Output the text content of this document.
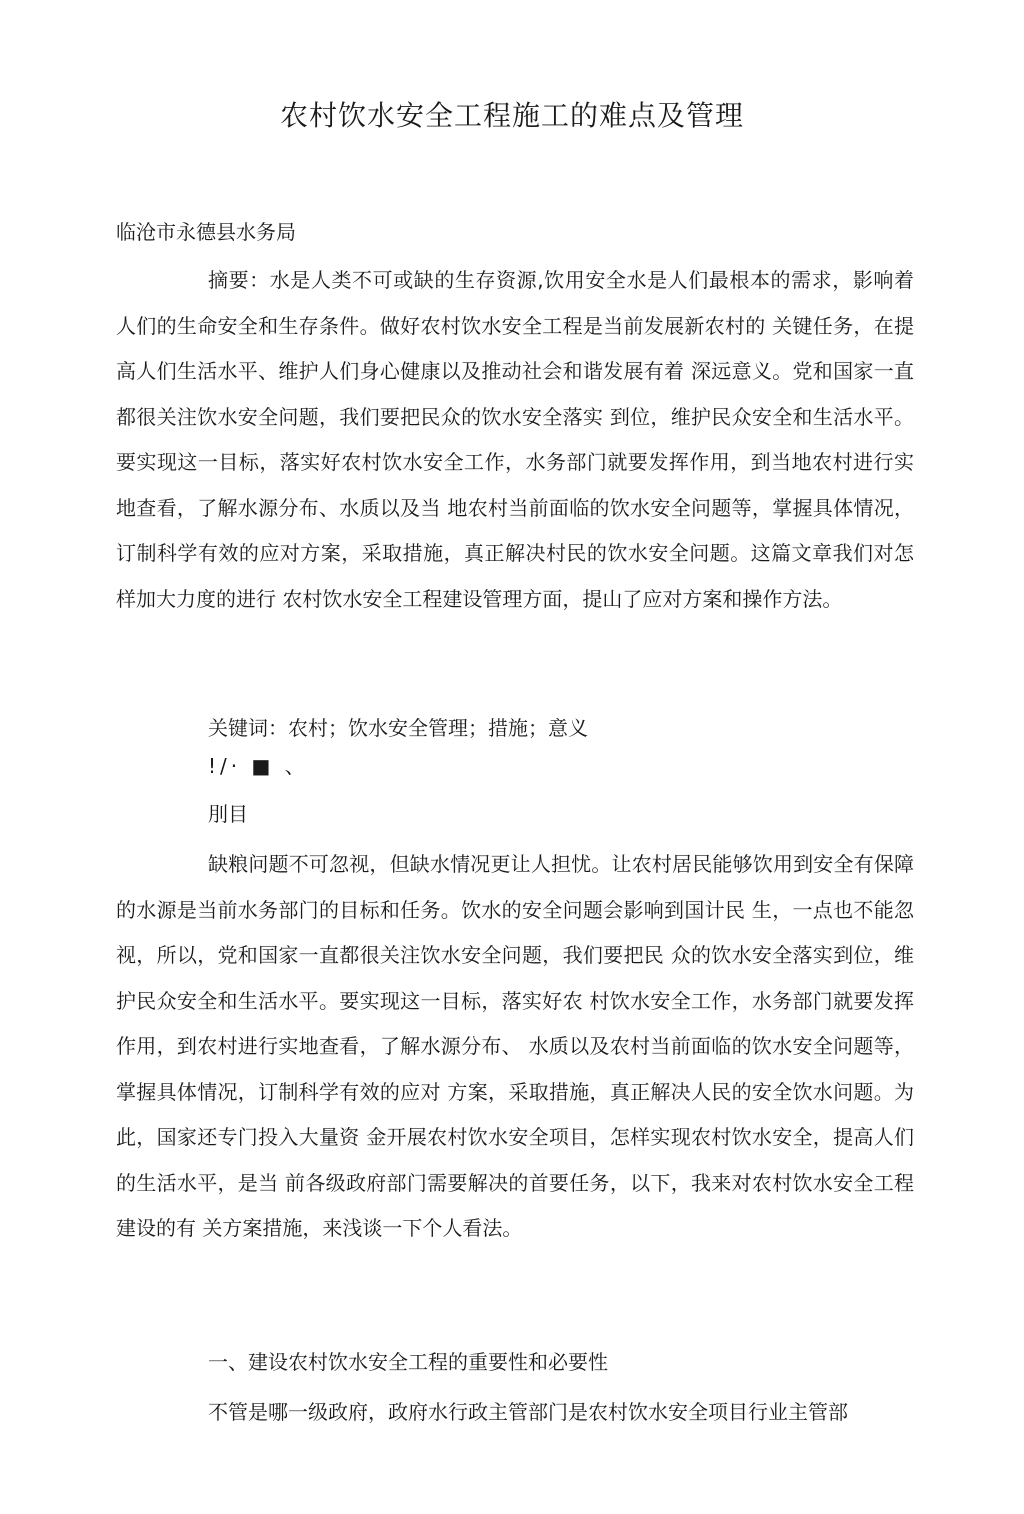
农村饮水安全工程施工的难点及管理
临沧市永德县水务局

摘要：水是人类不可或缺的生存资源,饮用安全水是人们最根本的需求，影响着人们的生命安全和生存条件。做好农村饮水安全工程是当前发展新农村的 关键任务，在提高人们生活水平、维护人们身心健康以及推动社会和谐发展有着 深远意义。党和国家一直都很关注饮水安全问题，我们要把民众的饮水安全落实 到位，维护民众安全和生活水平。要实现这一目标，落实好农村饮水安全工作，水务部门就要发挥作用，到当地农村进行实地查看，了解水源分布、水质以及当 地农村当前面临的饮水安全问题等，掌握具体情况，订制科学有效的应对方案，采取措施，真正解决村民的饮水安全问题。这篇文章我们对怎样加大力度的进行 农村饮水安全工程建设管理方面，提山了应对方案和操作方法。

关键词：农村；饮水安全管理；措施；意义

!/· ■ 、

刖目

缺粮问题不可忽视，但缺水情况更让人担忧。让农村居民能够饮用到安全有保障的水源是当前水务部门的目标和任务。饮水的安全问题会影响到国计民 生，一点也不能忽视，所以，党和国家一直都很关注饮水安全问题，我们要把民 众的饮水安全落实到位，维护民众安全和生活水平。要实现这一目标，落实好农 村饮水安全工作，水务部门就要发挥作用，到农村进行实地查看，了解水源分布、 水质以及农村当前面临的饮水安全问题等，掌握具体情况，订制科学有效的应对 方案，采取措施，真正解决人民的安全饮水问题。为此，国家还专门投入大量资 金开展农村饮水安全项目，怎样实现农村饮水安全，提高人们的生活水平，是当 前各级政府部门需要解决的首要任务，以下，我来对农村饮水安全工程建设的有 关方案措施，来浅谈一下个人看法。

一、建设农村饮水安全工程的重要性和必要性

不管是哪一级政府，政府水行政主管部门是农村饮水安全项目行业主管部
